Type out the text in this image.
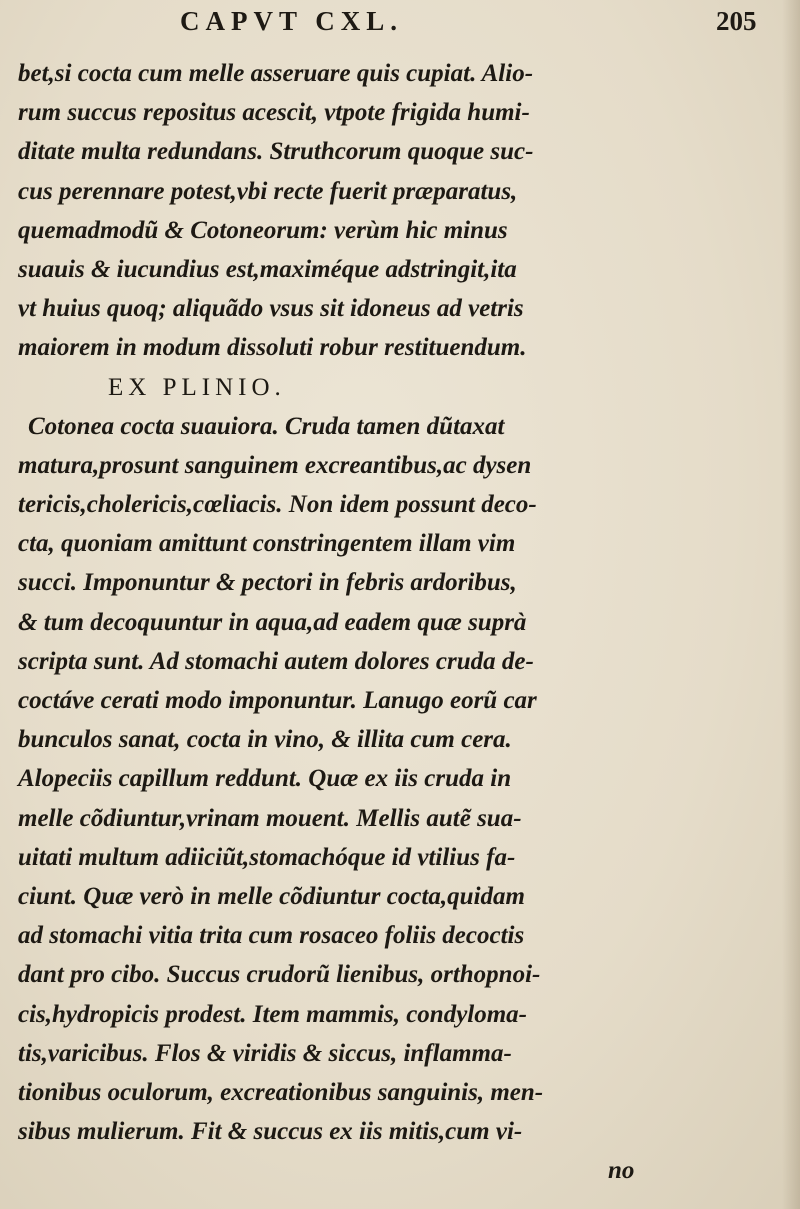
CAPVT CXL.	205
bet,si cocta cum melle asseruare quis cupiat. Alio-
rum succus repositus acescit, vtpote frigida humi-
ditate multa redundans. Struthcorum quoque suc-
cus perennare potest,vbi recte fuerit præparatus,
quemadmodũ & Cotoneorum: verùm hic minus
suauis & iucundius est,maximéque adstringit,ita
vt huius quoq; aliquãdo vsus sit idoneus ad vetris
maiorem in modum dissoluti robur restituendum.
EX PLINIO.
Cotonea cocta suauiora. Cruda tamen dũtaxat
matura,prosunt sanguinem excreantibus,ac dysen
tericis,cholericis,cœliacis. Non idem possunt deco-
cta, quoniam amittunt constringentem illam vim
succi. Imponuntur & pectori in febris ardoribus,
& tum decoquuntur in aqua,ad eadem quæ suprà
scripta sunt. Ad stomachi autem dolores cruda de-
coctáve cerati modo imponuntur. Lanugo eorũ car
bunculos sanat, cocta in vino, & illita cum cera.
Alopeciis capillum reddunt. Quæ ex iis cruda in
melle cõdiuntur,vrinam mouent. Mellis autẽ sua-
uitati multum adiiciũt,stomachóque id vtilius fa-
ciunt. Quæ verò in melle cõdiuntur cocta,quidam
ad stomachi vitia trita cum rosaceo foliis decoctis
dant pro cibo. Succus crudorũ lienibus, orthopnoi-
cis,hydropicis prodest. Item mammis, condyloma-
tis,varicibus. Flos & viridis & siccus, inflamma-
tionibus oculorum, excreationibus sanguinis, men-
sibus mulierum. Fit & succus ex iis mitis,cum vi-
no
